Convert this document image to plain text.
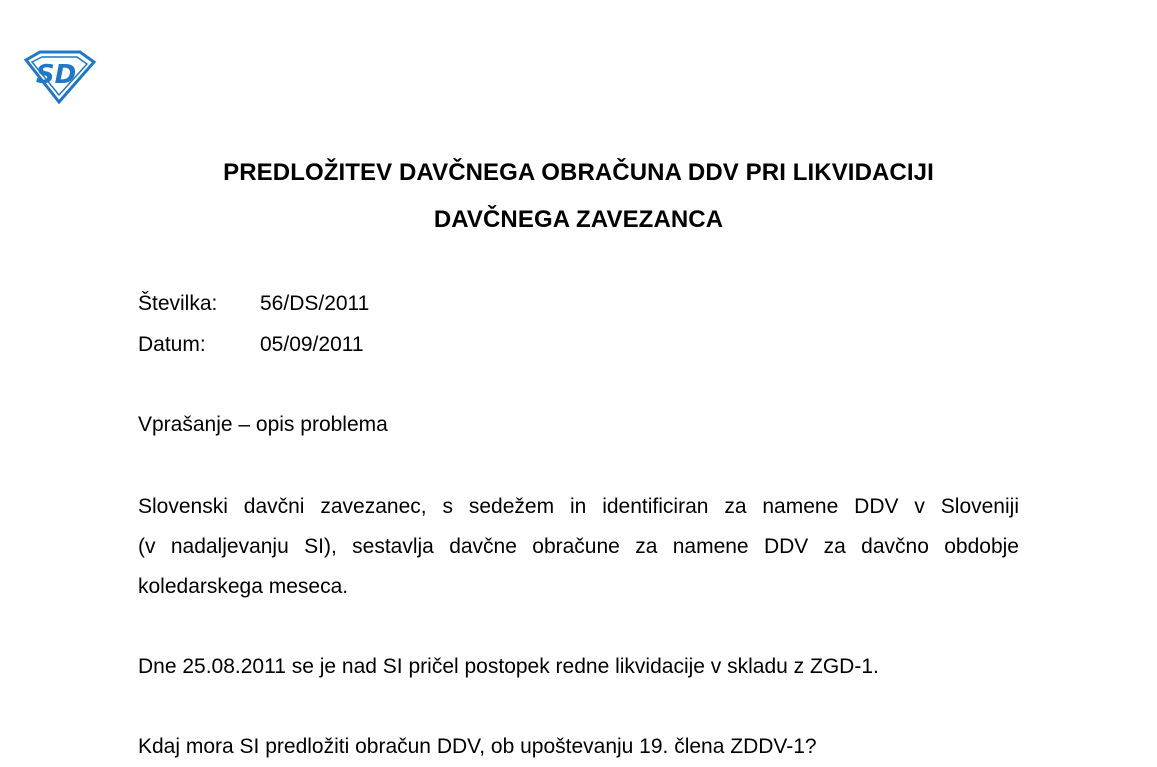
SD
PREDLOŽITEV DAVČNEGA OBRAČUNA DDV PRI LIKVIDACIJI
DAVČNEGA ZAVEZANCA
Številka: 56/DS/2011
Datum:	05/09/2011
Vprašanje – opis problema
Slovenski davčni zavezanec, s sedežem in identificiran za namene DDV v Sloveniji
(v nadaljevanju SI), sestavlja davčne obračune za namene DDV za davčno obdobje
koledarskega meseca.
Dne 25.08.2011 se je nad SI pričel postopek redne likvidacije v skladu z ZGD-1.
Kdaj mora SI predložiti obračun DDV, ob upoštevanju 19. člena ZDDV-1?
